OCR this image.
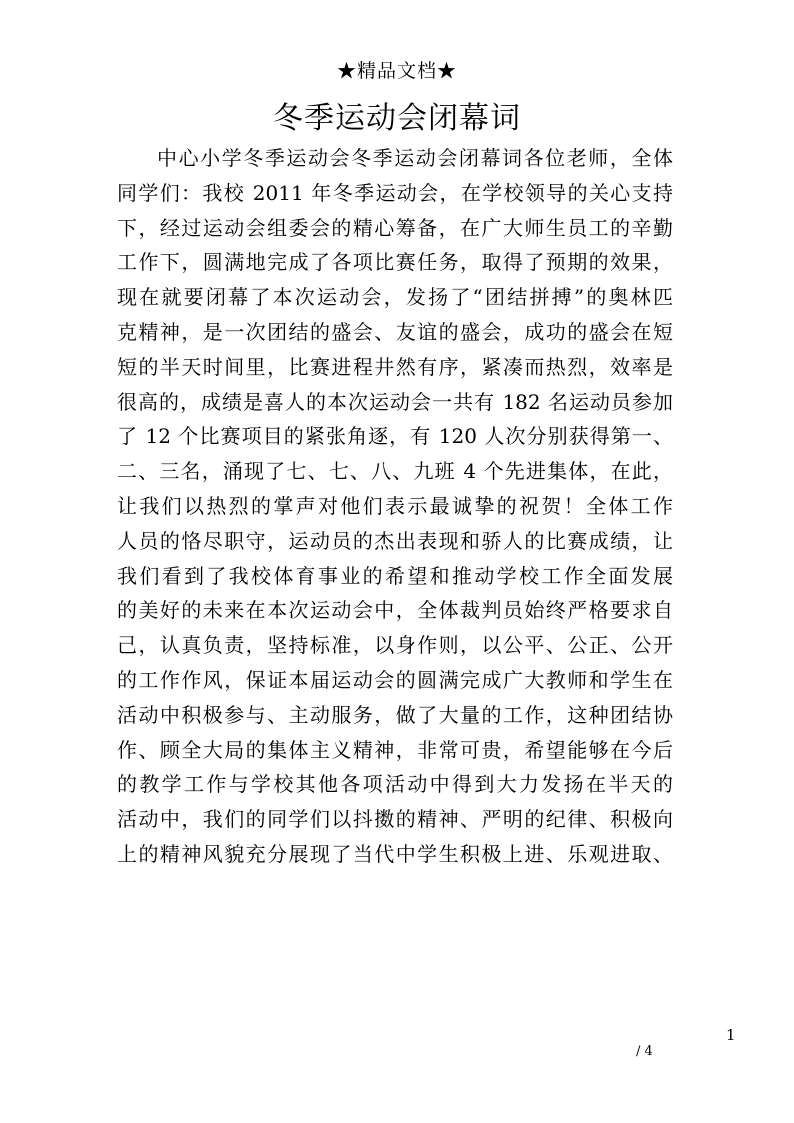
★精品文档★
冬季运动会闭幕词
中心小学冬季运动会冬季运动会闭幕词各位老师，全体
同学们：我校 2011 年冬季运动会，在学校领导的关心支持
下，经过运动会组委会的精心筹备，在广大师生员工的辛勤
工作下，圆满地完成了各项比赛任务，取得了预期的效果，
现在就要闭幕了本次运动会，发扬了“团结拼搏”的奥林匹
克精神，是一次团结的盛会、友谊的盛会，成功的盛会在短
短的半天时间里，比赛进程井然有序，紧凑而热烈，效率是
很高的，成绩是喜人的本次运动会一共有 182 名运动员参加
了 12 个比赛项目的紧张角逐，有 120 人次分别获得第一、
二、三名，涌现了七、七、八、九班 4 个先进集体，在此，
让我们以热烈的掌声对他们表示最诚挚的祝贺！全体工作
人员的恪尽职守，运动员的杰出表现和骄人的比赛成绩，让
我们看到了我校体育事业的希望和推动学校工作全面发展
的美好的未来在本次运动会中，全体裁判员始终严格要求自
己，认真负责，坚持标准，以身作则，以公平、公正、公开
的工作作风，保证本届运动会的圆满完成广大教师和学生在
活动中积极参与、主动服务，做了大量的工作，这种团结协
作、顾全大局的集体主义精神，非常可贵，希望能够在今后
的教学工作与学校其他各项活动中得到大力发扬在半天的
活动中，我们的同学们以抖擞的精神、严明的纪律、积极向
上的精神风貌充分展现了当代中学生积极上进、乐观进取、
1
/ 4
